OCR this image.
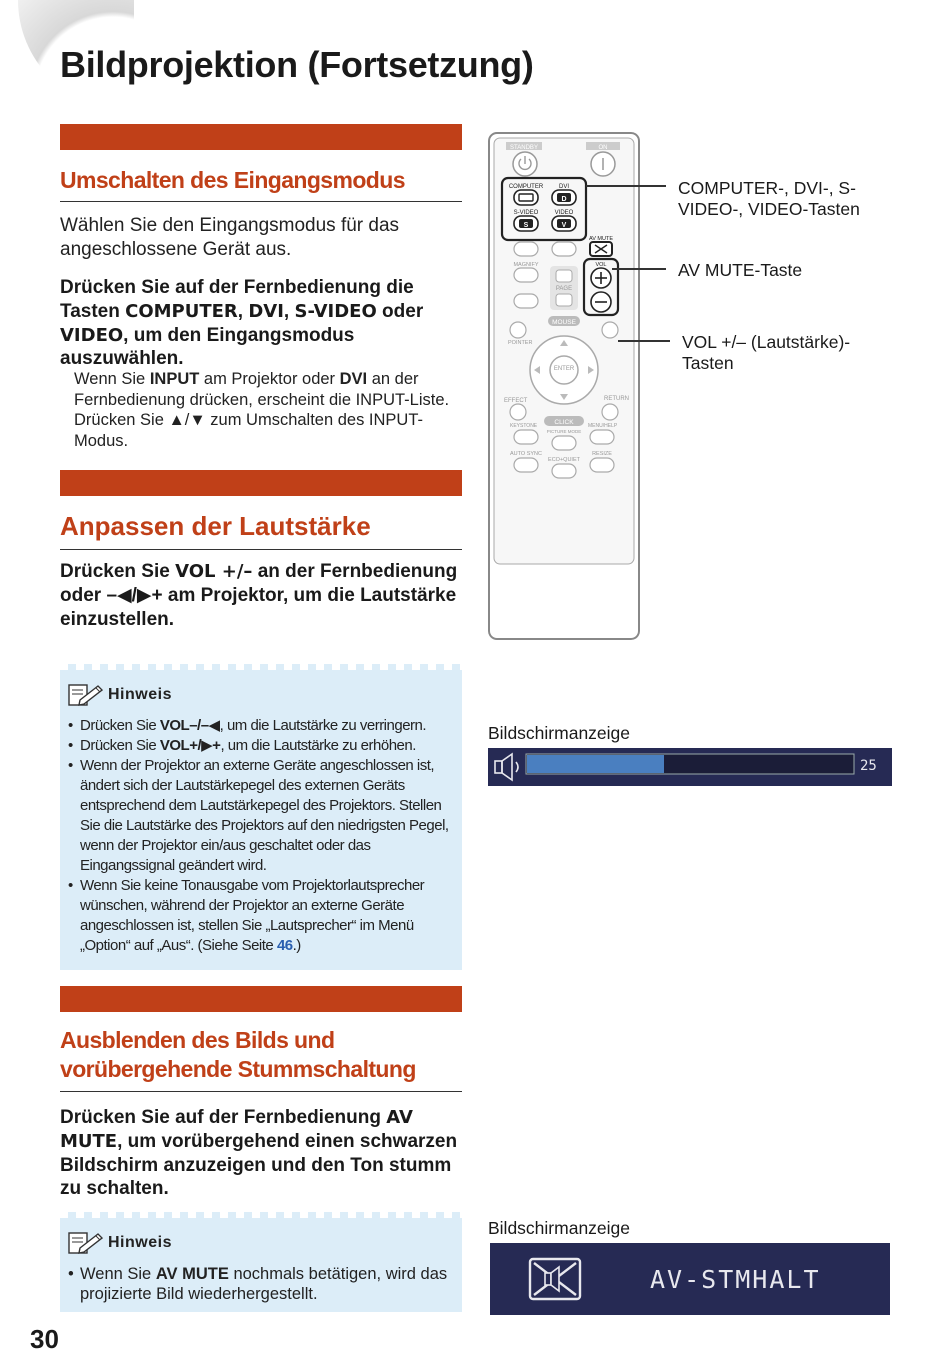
Bildprojektion (Fortsetzung)
Umschalten des Eingangsmodus

Wählen Sie den Eingangsmodus für das angeschlossene Gerät aus.

Drücken Sie auf der Fernbedienung die Tasten COMPUTER, DVI, S-VIDEO oder VIDEO, um den Eingangsmodus auszuwählen.

Wenn Sie INPUT am Projektor oder DVI an der Fernbedienung drücken, erscheint die INPUT-Liste. Drücken Sie ▲/▼ zum Umschalten des INPUT-Modus.

Anpassen der Lautstärke

Drücken Sie VOL +/– an der Fernbedienung oder –◀/▶+ am Projektor, um die Lautstärke einzustellen.

Hinweis
• Drücken Sie VOL–/–◀, um die Lautstärke zu verringern.
• Drücken Sie VOL+/▶+, um die Lautstärke zu erhöhen.
• Wenn der Projektor an externe Geräte angeschlossen ist, ändert sich der Lautstärkepegel des externen Geräts entsprechend dem Lautstärkepegel des Projektors. Stellen Sie die Lautstärke des Projektors auf den niedrigsten Pegel, wenn der Projektor ein/aus geschaltet oder das Eingangssignal geändert wird.
• Wenn Sie keine Tonausgabe vom Projektorlautsprecher wünschen, während der Projektor an externe Geräte angeschlossen ist, stellen Sie „Lautsprecher“ im Menü „Option“ auf „Aus“. (Siehe Seite 46.)
Ausblenden des Bilds und
vorübergehende Stummschaltung

Drücken Sie auf der Fernbedienung AV MUTE, um vorübergehend einen schwarzen Bildschirm anzuzeigen und den Ton stumm zu schalten.

Hinweis
• Wenn Sie AV MUTE nochmals betätigen, wird das projizierte Bild wiederhergestellt.
STANDBY	ON
COMPUTER	DVI
D
S-VIDEO	VIDEO
S	V
AV MUTE
MAGNIFY
PAGE
VOL
MOUSE
POINTER
ENTER
EFFECT	RETURN
CLICK
KEYSTONE	MENU/HELP
PICTURE MODE
AUTO SYNC
ECO+QUIET
RESIZE
COMPUTER-, DVI-, S-VIDEO-, VIDEO-Tasten
AV MUTE-Taste
VOL +/– (Lautstärke)-Tasten
Bildschirmanzeige
25
Bildschirmanzeige
AV-STMHALT
30
